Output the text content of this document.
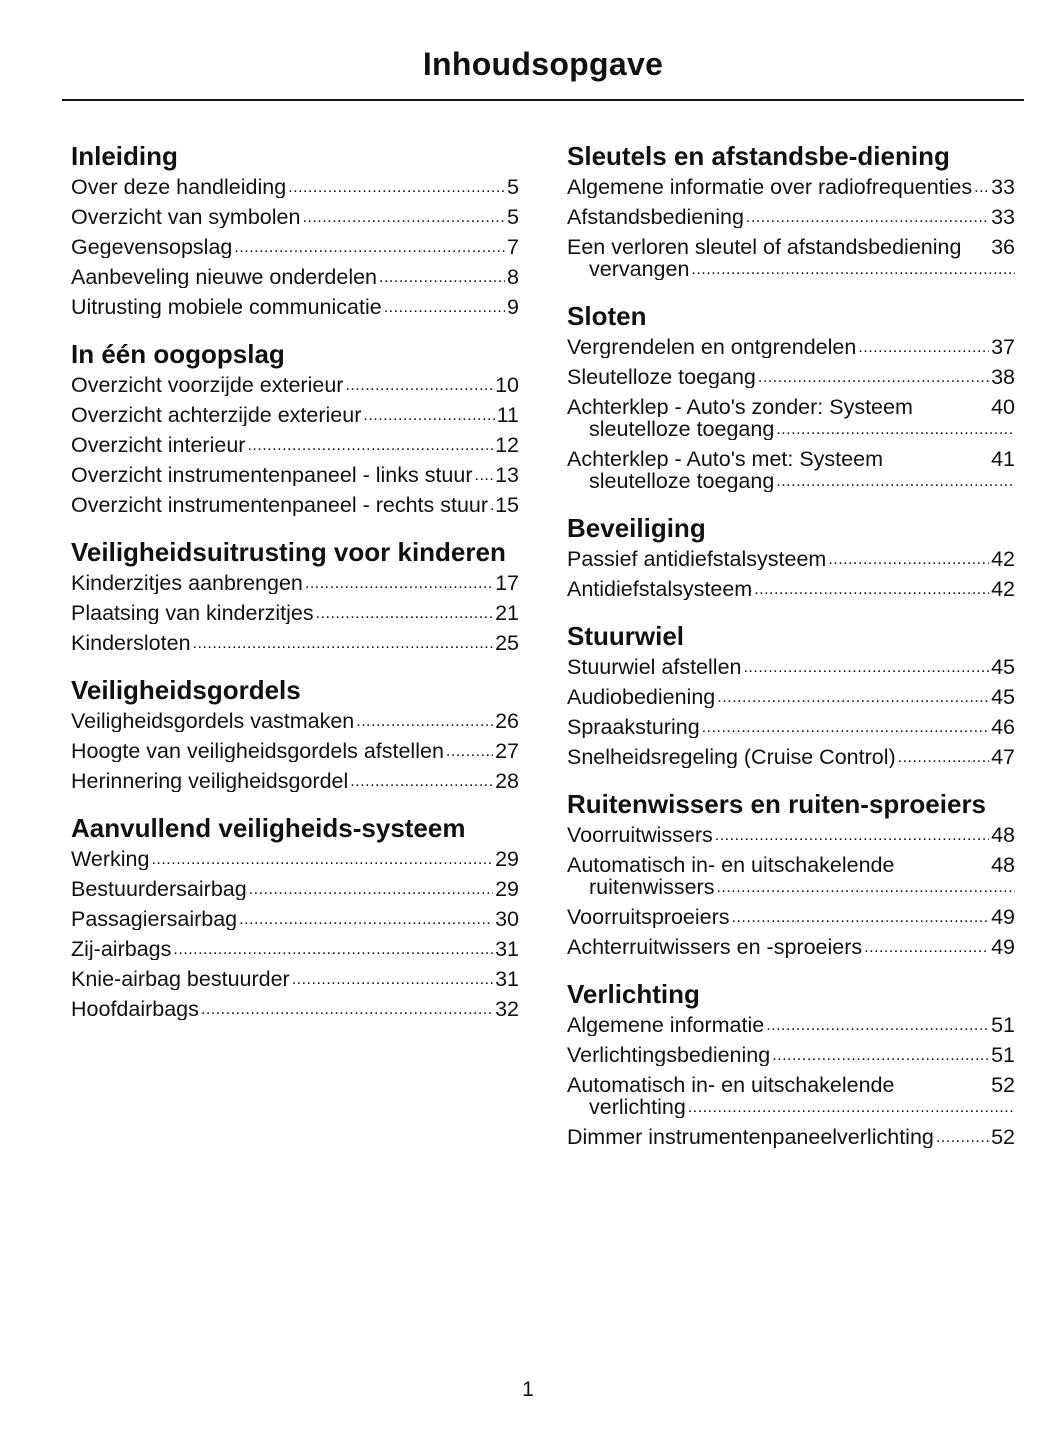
Inhoudsopgave
Inleiding
5
Over deze handleiding .....
5
Overzicht van symbolen .....
7
Gegevensopslag .....
8
Aanbeveling nieuwe onderdelen .....
9
Uitrusting mobiele communicatie .....
In één oogopslag
10
Overzicht voorzijde exterieur .....
11
Overzicht achterzijde exterieur .....
12
Overzicht interieur .....
13
Overzicht instrumentenpaneel - links stuur .....
15
Overzicht instrumentenpaneel - rechts stuur .....
Veiligheidsuitrusting voor kinderen
17
Kinderzitjes aanbrengen .....
21
Plaatsing van kinderzitjes .....
25
Kindersloten .....
Veiligheidsgordels
26
Veiligheidsgordels vastmaken .....
27
Hoogte van veiligheidsgordels afstellen .....
28
Herinnering veiligheidsgordel .....
Aanvullend veiligheids-systeem
29
Werking .....
29
Bestuurdersairbag .....
30
Passagiersairbag .....
31
Zij-airbags .....
31
Knie-airbag bestuurder .....
32
Hoofdairbags .....
Sleutels en afstandsbe-diening
33
Algemene informatie over radiofrequenties .....
33
Afstandsbediening .....
36
Een verloren sleutel of afstandsbediening vervangen .....
Sloten
37
Vergrendelen en ontgrendelen .....
38
Sleutelloze toegang .....
40
Achterklep - Auto's zonder: Systeem sleutelloze toegang .....
41
Achterklep - Auto's met: Systeem sleutelloze toegang .....
Beveiliging
42
Passief antidiefstalsysteem .....
42
Antidiefstalsysteem .....
Stuurwiel
45
Stuurwiel afstellen .....
45
Audiobediening .....
46
Spraaksturing .....
47
Snelheidsregeling (Cruise Control) .....
Ruitenwissers en ruiten-sproeiers
48
Voorruitwissers .....
48
Automatisch in- en uitschakelende ruitenwissers .....
49
Voorruitsproeiers .....
49
Achterruitwissers en -sproeiers .....
Verlichting
51
Algemene informatie .....
51
Verlichtingsbediening .....
52
Automatisch in- en uitschakelende verlichting .....
52
Dimmer instrumentenpaneelverlichting .....
1
